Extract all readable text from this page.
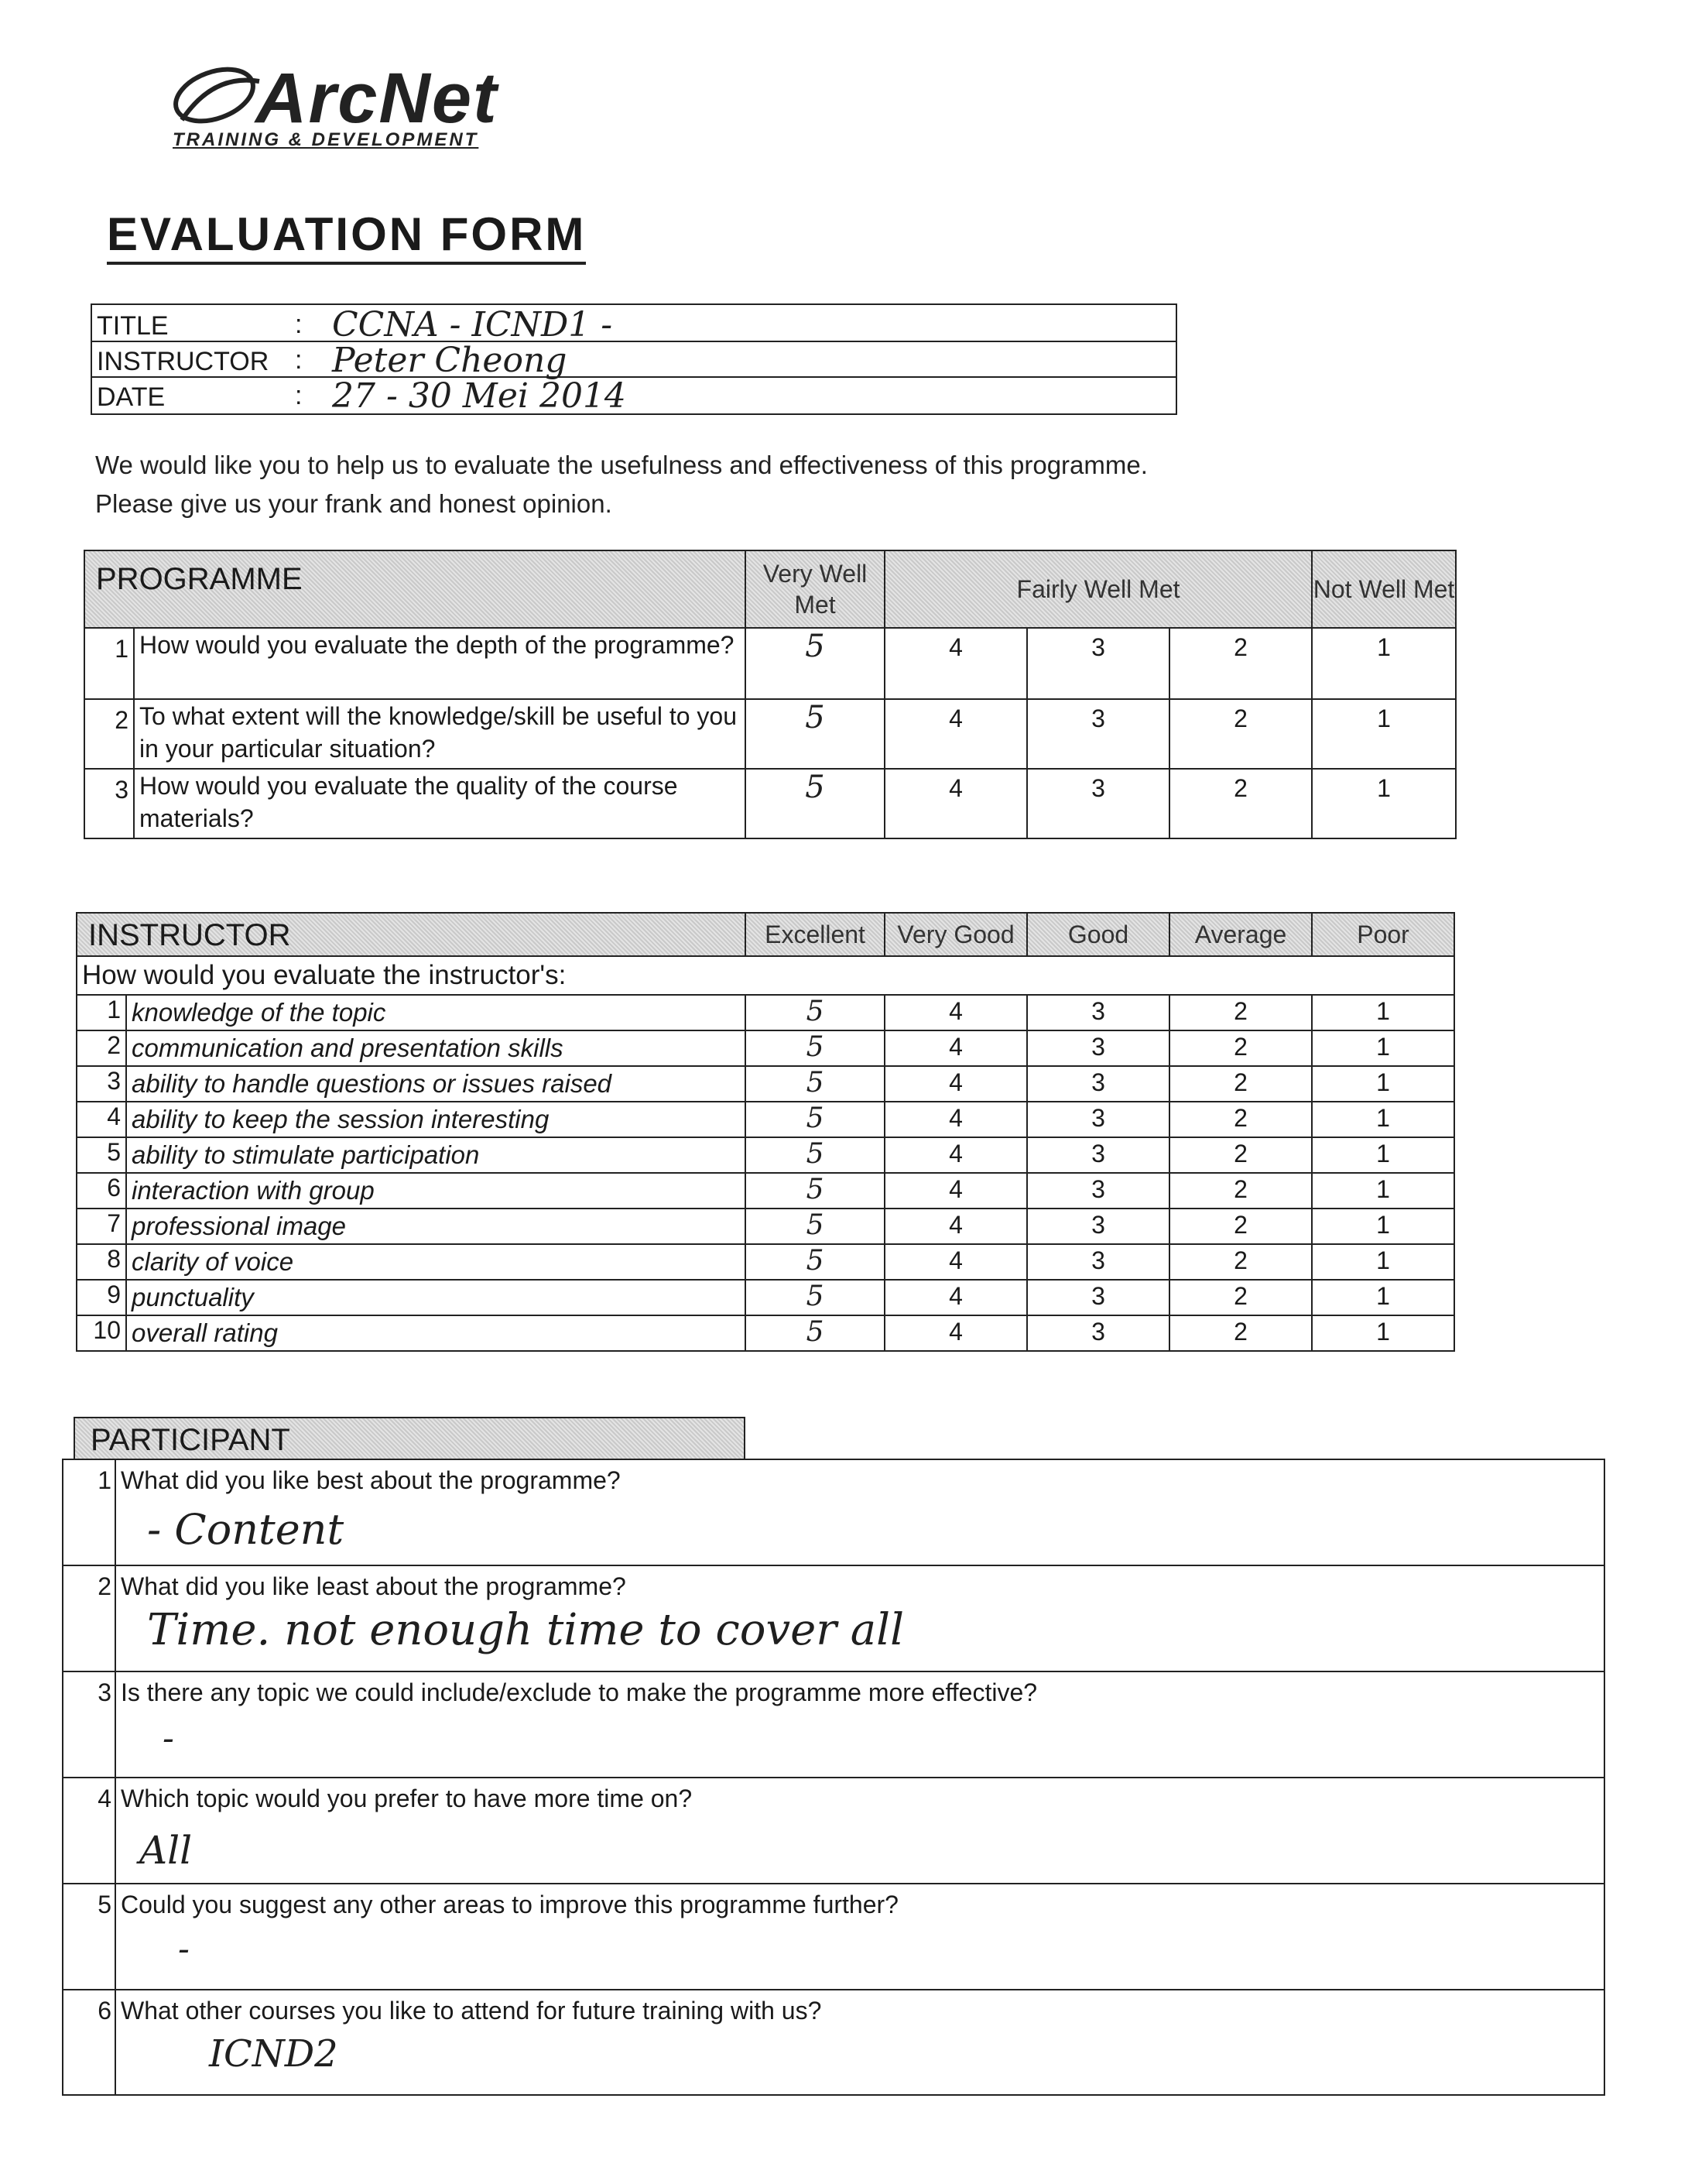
ArcNet
TRAINING & DEVELOPMENT
EVALUATION FORM
TITLE	: CCNA - ICND1 -
INSTRUCTOR : Peter Cheong
DATE	: 27 - 30 Mei 2014
We would like you to help us to evaluate the usefulness and effectiveness of this programme.
Please give us your frank and honest opinion.
PROGRAMME		Very Well Met	Fairly Well Met			Not Well Met
1	How would you evaluate the depth of the programme?	5	4	3	2	1
2	To what extent will the knowledge/skill be useful to you in your particular situation?	5	4	3	2	1
3	How would you evaluate the quality of the course materials?	5	4	3	2	1
INSTRUCTOR		Excellent	Very Good	Good	Average	Poor
How would you evaluate the instructor's:						
1	knowledge of the topic	5	4	3	2	1
2	communication and presentation skills	5	4	3	2	1
3	ability to handle questions or issues raised	5	4	3	2	1
4	ability to keep the session interesting	5	4	3	2	1
5	ability to stimulate participation	5	4	3	2	1
6	interaction with group	5	4	3	2	1
7	professional image	5	4	3	2	1
8	clarity of voice	5	4	3	2	1
9	punctuality	5	4	3	2	1
10	overall rating	5	4	3	2	1
PARTICIPANT
1	What did you like best about the programme?
- Content

2	What did you like least about the programme?
Time. not enough time to cover all

3	Is there any topic we could include/exclude to make the programme more effective?
-

4	Which topic would you prefer to have more time on?
All

5	Could you suggest any other areas to improve this programme further?
-

6	What other courses you like to attend for future training with us?
ICND2
